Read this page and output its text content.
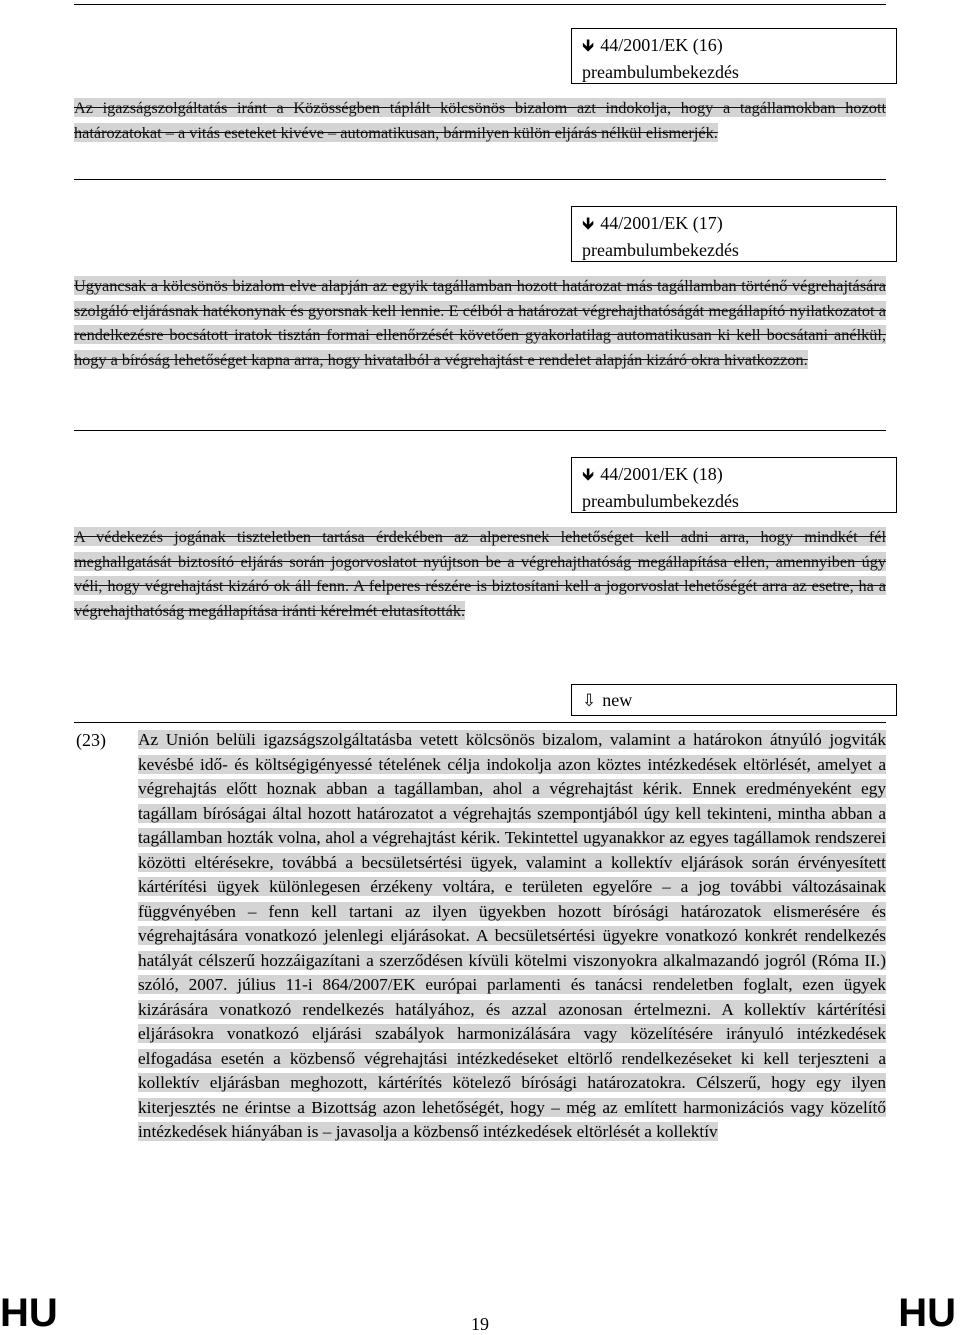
🡻 44/2001/EK (16)
preambulumbekezdés

Az igazságszolgáltatás iránt a Közösségben táplált kölcsönös bizalom azt indokolja, hogy a tagállamokban hozott határozatokat – a vitás eseteket kivéve – automatikusan, bármilyen külön eljárás nélkül elismerjék.

🡻 44/2001/EK (17)
preambulumbekezdés

Ugyancsak a kölcsönös bizalom elve alapján az egyik tagállamban hozott határozat más tagállamban történő végrehajtására szolgáló eljárásnak hatékonynak és gyorsnak kell lennie. E célból a határozat végrehajthatóságát megállapító nyilatkozatot a rendelkezésre bocsátott iratok tisztán formai ellenőrzését követően gyakorlatilag automatikusan ki kell bocsátani anélkül, hogy a bíróság lehetőséget kapna arra, hogy hivatalból a végrehajtást e rendelet alapján kizáró okra hivatkozzon.

🡻 44/2001/EK (18)
preambulumbekezdés

A védekezés jogának tiszteletben tartása érdekében az alperesnek lehetőséget kell adni arra, hogy mindkét fél meghallgatását biztosító eljárás során jogorvoslatot nyújtson be a végrehajthatóság megállapítása ellen, amennyiben úgy véli, hogy végrehajtást kizáró ok áll fenn. A felperes részére is biztosítani kell a jogorvoslat lehetőségét arra az esetre, ha a végrehajthatóság megállapítása iránti kérelmét elutasították.

⇩ new
(23) Az Unión belüli igazságszolgáltatásba vetett kölcsönös bizalom, valamint a határokon átnyúló jogviták kevésbé idő- és költségigényessé tételének célja indokolja azon köztes intézkedések eltörlését, amelyet a végrehajtás előtt hoznak abban a tagállamban, ahol a végrehajtást kérik. Ennek eredményeként egy tagállam bíróságai által hozott határozatot a végrehajtás szempontjából úgy kell tekinteni, mintha abban a tagállamban hozták volna, ahol a végrehajtást kérik. Tekintettel ugyanakkor az egyes tagállamok rendszerei közötti eltérésekre, továbbá a becsületsértési ügyek, valamint a kollektív eljárások során érvényesített kártérítési ügyek különlegesen érzékeny voltára, e területen egyelőre – a jog további változásainak függvényében – fenn kell tartani az ilyen ügyekben hozott bírósági határozatok elismerésére és végrehajtására vonatkozó jelenlegi eljárásokat. A becsületsértési ügyekre vonatkozó konkrét rendelkezés hatályát célszerű hozzáigazítani a szerződésen kívüli kötelmi viszonyokra alkalmazandó jogról (Róma II.) szóló, 2007. július 11-i 864/2007/EK európai parlamenti és tanácsi rendeletben foglalt, ezen ügyek kizárására vonatkozó rendelkezés hatályához, és azzal azonosan értelmezni. A kollektív kártérítési eljárásokra vonatkozó eljárási szabályok harmonizálására vagy közelítésére irányuló intézkedések elfogadása esetén a közbenső végrehajtási intézkedéseket eltörlő rendelkezéseket ki kell terjeszteni a kollektív eljárásban meghozott, kártérítés kötelező bírósági határozatokra. Célszerű, hogy egy ilyen kiterjesztés ne érintse a Bizottság azon lehetőségét, hogy – még az említett harmonizációs vagy közelítő intézkedések hiányában is – javasolja a közbenső intézkedések eltörlését a kollektív

HU	19	HU
